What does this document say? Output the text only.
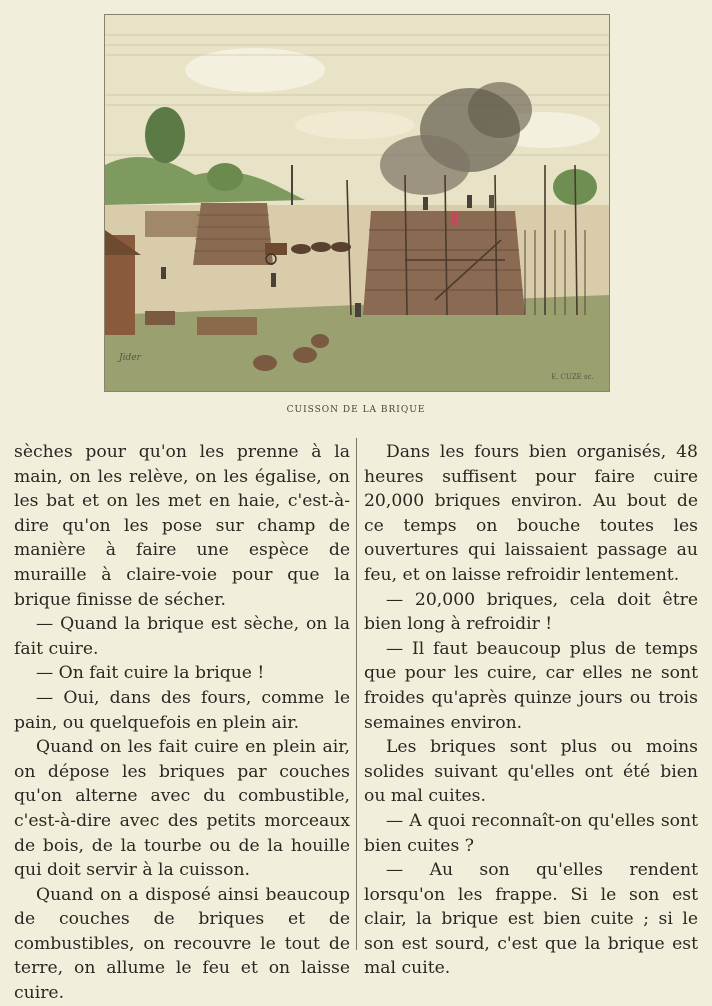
Jider
E. CUZE sc.
CUISSON DE LA BRIQUE

sèches pour qu'on les prenne à la main, on les relève, on les égalise, on les bat et on les met en haie, c'est-à-dire qu'on les pose sur champ de manière à faire une espèce de muraille à claire-voie pour que la brique finisse de sécher.

— Quand la brique est sèche, on la fait cuire.

— On fait cuire la brique !

— Oui, dans des fours, comme le pain, ou quelquefois en plein air.

Quand on les fait cuire en plein air, on dépose les briques par couches qu'on alterne avec du combustible, c'est-à-dire avec des petits morceaux de bois, de la tourbe ou de la houille qui doit servir à la cuisson.

Quand on a disposé ainsi beaucoup de couches de briques et de combustibles, on recouvre le tout de terre, on allume le feu et on laisse cuire.

Dans les fours bien organisés, 48 heures suffisent pour faire cuire 20,000 briques environ. Au bout de ce temps on bouche toutes les ouvertures qui laissaient passage au feu, et on laisse refroidir lentement.

— 20,000 briques, cela doit être bien long à refroidir !

— Il faut beaucoup plus de temps que pour les cuire, car elles ne sont froides qu'après quinze jours ou trois semaines environ.

Les briques sont plus ou moins solides suivant qu'elles ont été bien ou mal cuites.

— A quoi reconnaît-on qu'elles sont bien cuites ?

— Au son qu'elles rendent lorsqu'on les frappe. Si le son est clair, la brique est bien cuite ; si le son est sourd, c'est que la brique est mal cuite.
